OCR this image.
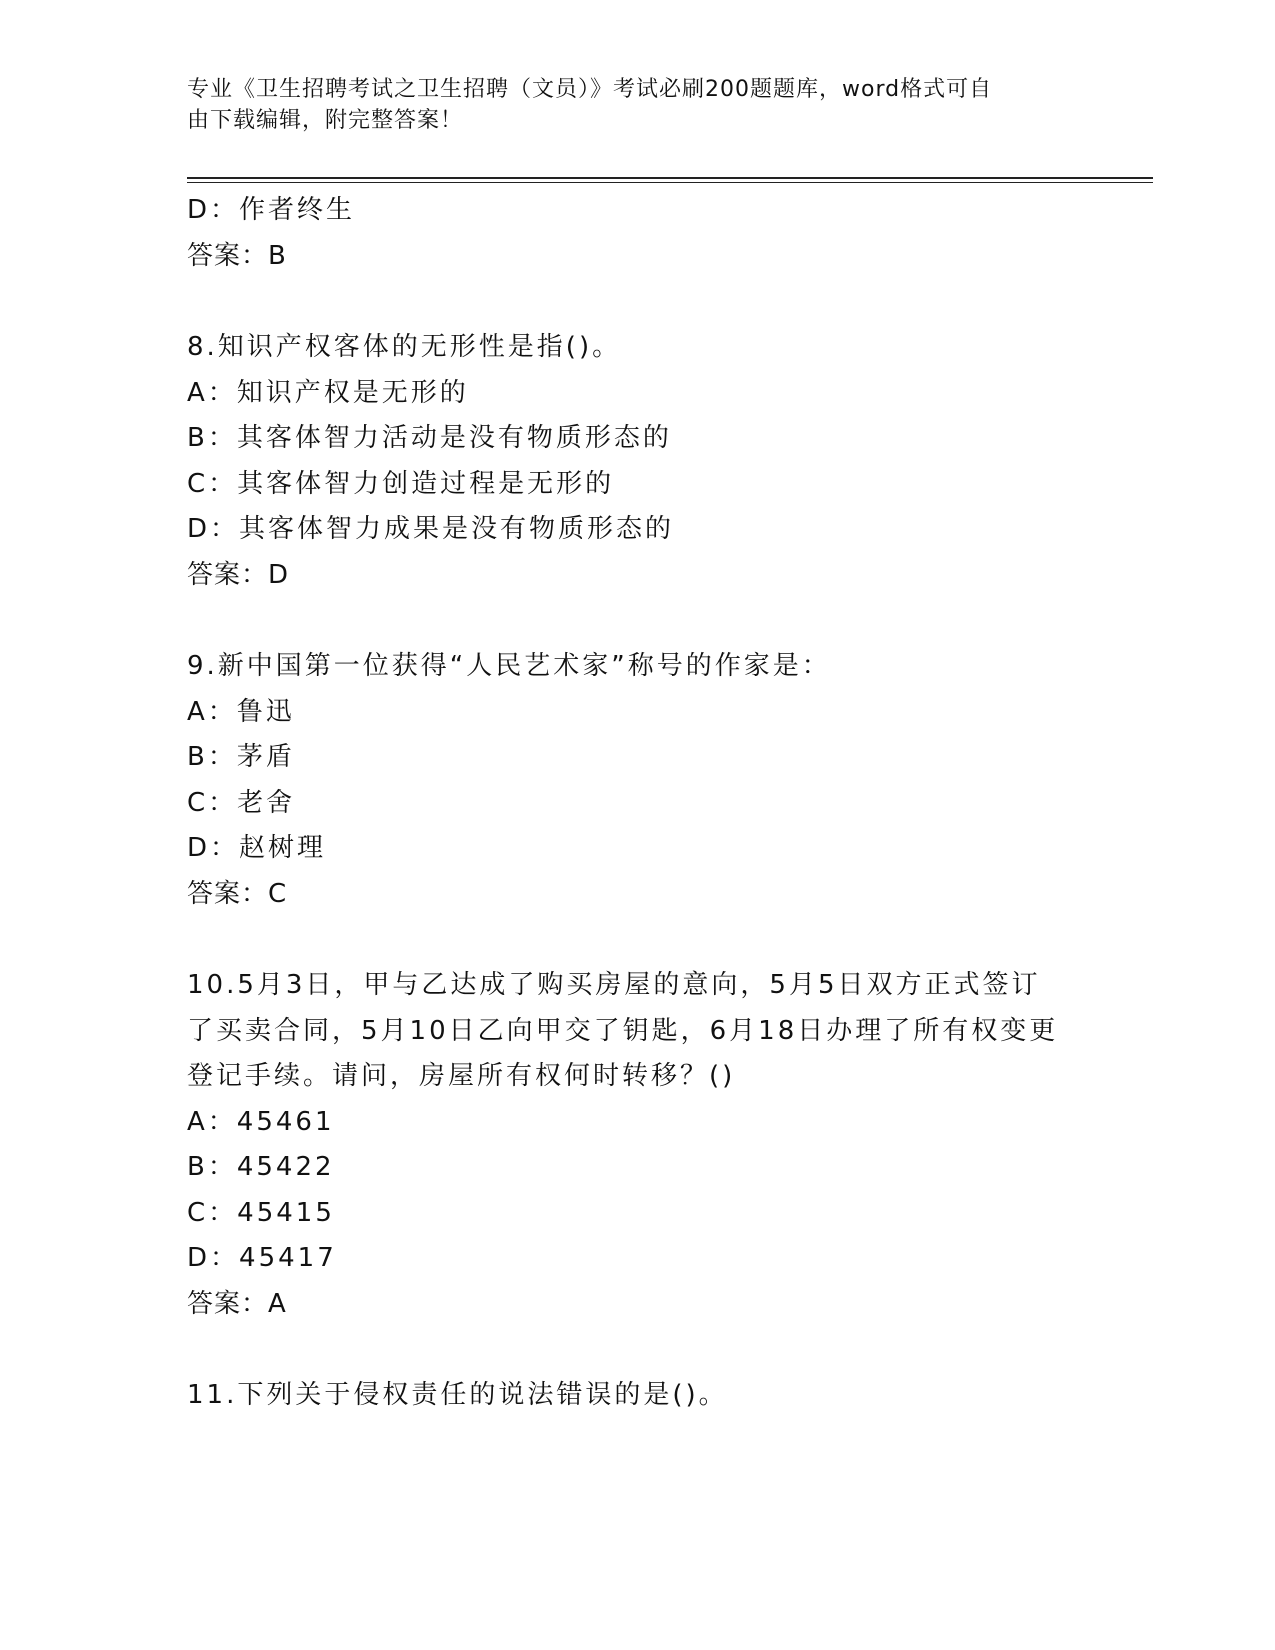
专业《卫生招聘考试之卫生招聘（文员）》考试必刷200题题库，word格式可自
由下载编辑，附完整答案！
D：作者终生
答案：B
8.知识产权客体的无形性是指()。
A：知识产权是无形的
B：其客体智力活动是没有物质形态的
C：其客体智力创造过程是无形的
D：其客体智力成果是没有物质形态的
答案：D
9.新中国第一位获得“人民艺术家”称号的作家是：
A：鲁迅
B：茅盾
C：老舍
D：赵树理
答案：C
10.5月3日，甲与乙达成了购买房屋的意向，5月5日双方正式签订
了买卖合同，5月10日乙向甲交了钥匙，6月18日办理了所有权变更
登记手续。请问，房屋所有权何时转移？()
A：45461
B：45422
C：45415
D：45417
答案：A
11.下列关于侵权责任的说法错误的是()。
